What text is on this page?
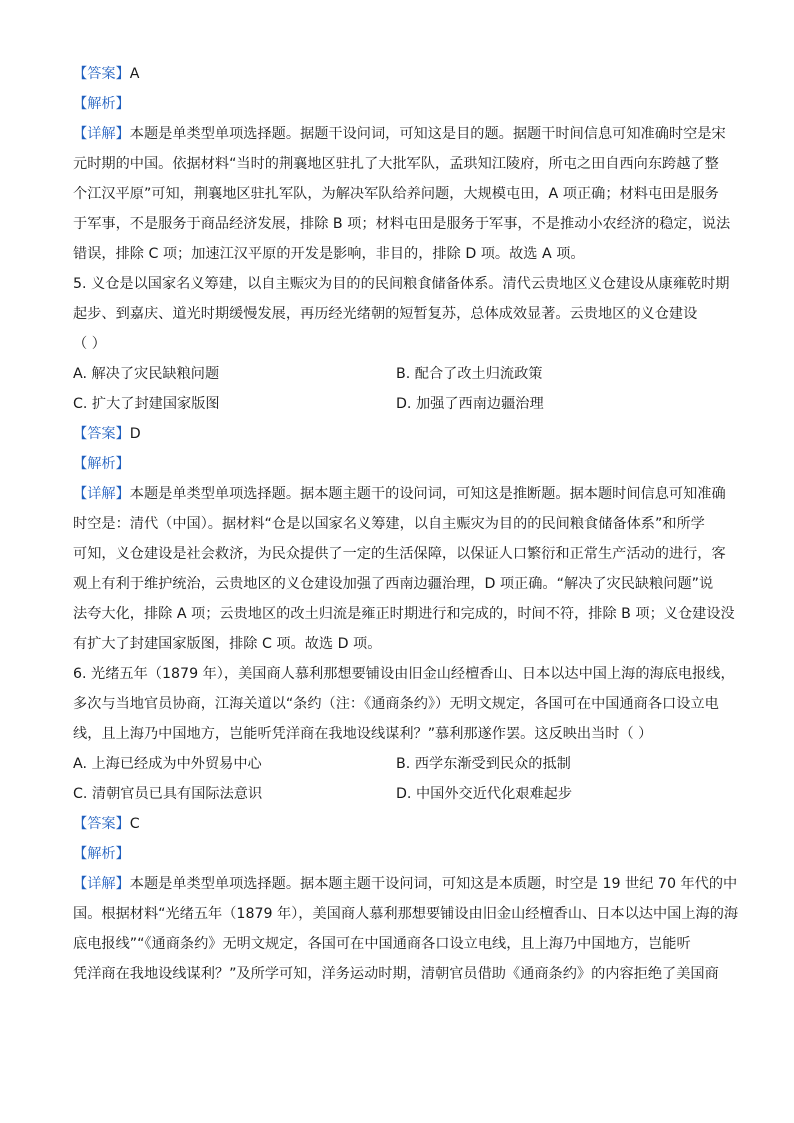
【答案】A
【解析】
【详解】本题是单类型单项选择题。据题干设问词，可知这是目的题。据题干时间信息可知准确时空是宋
元时期的中国。依据材料“当时的荆襄地区驻扎了大批军队，孟珙知江陵府，所屯之田自西向东跨越了整
个江汉平原”可知，荆襄地区驻扎军队，为解决军队给养问题，大规模屯田，A 项正确；材料屯田是服务
于军事，不是服务于商品经济发展，排除 B 项；材料屯田是服务于军事，不是推动小农经济的稳定，说法
错误，排除 C 项；加速江汉平原的开发是影响，非目的，排除 D 项。故选 A 项。
5. 义仓是以国家名义筹建，以自主赈灾为目的的民间粮食储备体系。清代云贵地区义仓建设从康雍乾时期
起步、到嘉庆、道光时期缓慢发展，再历经光绪朝的短暂复苏，总体成效显著。云贵地区的义仓建设
（ ）
A. 解决了灾民缺粮问题	B. 配合了改土归流政策
C. 扩大了封建国家版图	D. 加强了西南边疆治理
【答案】D
【解析】
【详解】本题是单类型单项选择题。据本题主题干的设问词，可知这是推断题。据本题时间信息可知准确
时空是：清代（中国）。据材料“仓是以国家名义筹建，以自主赈灾为目的的民间粮食储备体系”和所学
可知，义仓建设是社会救济，为民众提供了一定的生活保障，以保证人口繁衍和正常生产活动的进行，客
观上有利于维护统治，云贵地区的义仓建设加强了西南边疆治理，D 项正确。“解决了灾民缺粮问题”说
法夸大化，排除 A 项；云贵地区的改土归流是雍正时期进行和完成的，时间不符，排除 B 项；义仓建设没
有扩大了封建国家版图，排除 C 项。故选 D 项。
6. 光绪五年（1879 年），美国商人慕利那想要铺设由旧金山经檀香山、日本以达中国上海的海底电报线，
多次与当地官员协商，江海关道以“条约（注：《通商条约》）无明文规定，各国可在中国通商各口设立电
线，且上海乃中国地方，岂能听凭洋商在我地设线谋利？”慕利那遂作罢。这反映出当时（ ）
A. 上海已经成为中外贸易中心	B. 西学东渐受到民众的抵制
C. 清朝官员已具有国际法意识	D. 中国外交近代化艰难起步
【答案】C
【解析】
【详解】本题是单类型单项选择题。据本题主题干设问词，可知这是本质题，时空是 19 世纪 70 年代的中
国。根据材料“光绪五年（1879 年），美国商人慕利那想要铺设由旧金山经檀香山、日本以达中国上海的海
底电报线”“《通商条约》无明文规定，各国可在中国通商各口设立电线，且上海乃中国地方，岂能听
凭洋商在我地设线谋利？”及所学可知，洋务运动时期，清朝官员借助《通商条约》的内容拒绝了美国商
